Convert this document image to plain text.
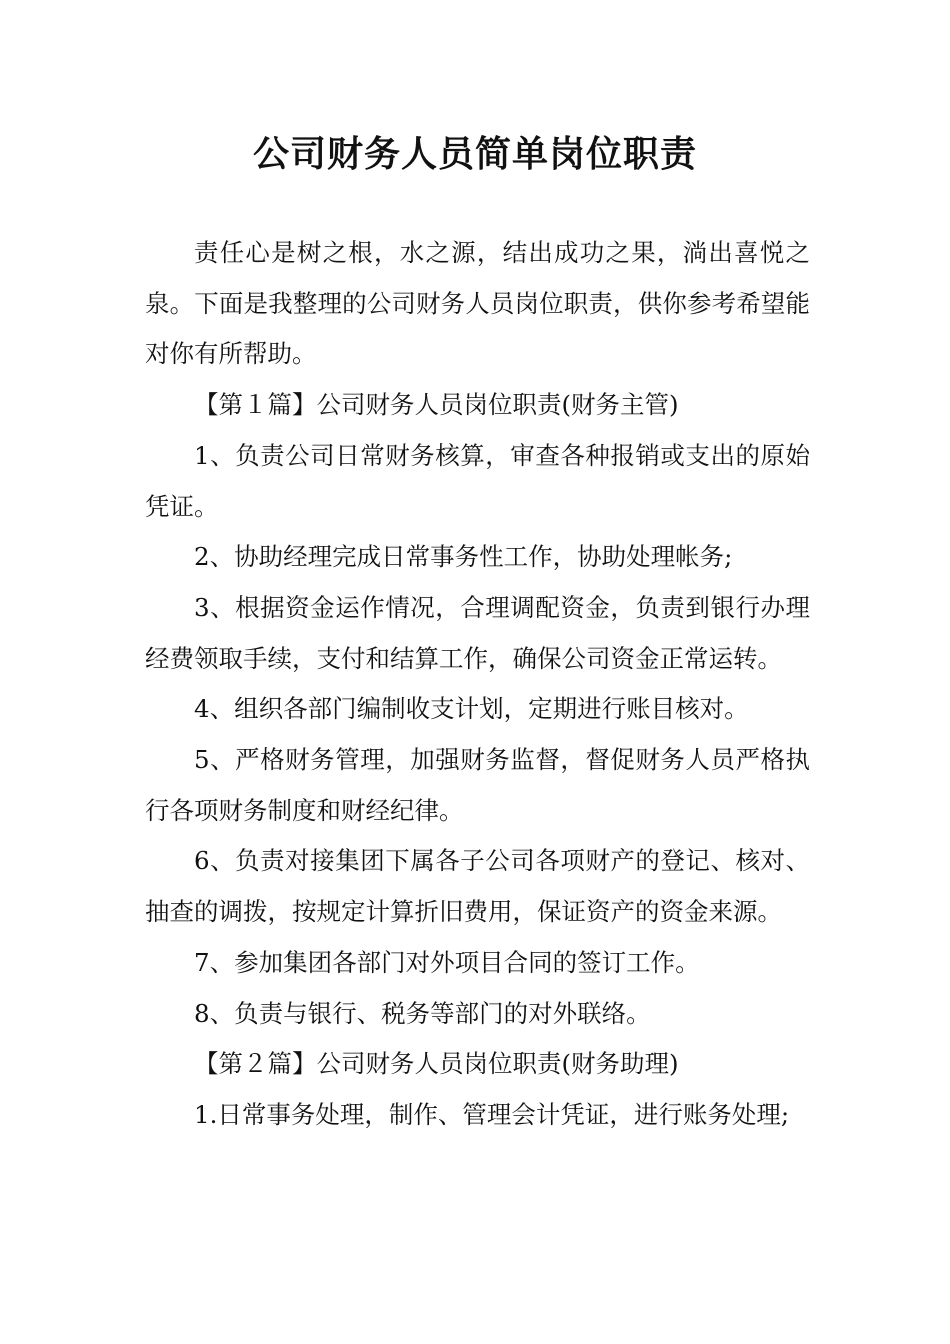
公司财务人员简单岗位职责

责任心是树之根，水之源，结出成功之果，淌出喜悦之泉。下面是我整理的公司财务人员岗位职责，供你参考希望能对你有所帮助。

【第１篇】公司财务人员岗位职责(财务主管)

1、负责公司日常财务核算，审查各种报销或支出的原始凭证。

2、协助经理完成日常事务性工作，协助处理帐务;

3、根据资金运作情况，合理调配资金，负责到银行办理经费领取手续，支付和结算工作，确保公司资金正常运转。

4、组织各部门编制收支计划，定期进行账目核对。

5、严格财务管理，加强财务监督，督促财务人员严格执行各项财务制度和财经纪律。

6、负责对接集团下属各子公司各项财产的登记、核对、抽查的调拨，按规定计算折旧费用，保证资产的资金来源。

7、参加集团各部门对外项目合同的签订工作。

8、负责与银行、税务等部门的对外联络。

【第２篇】公司财务人员岗位职责(财务助理)

1.日常事务处理，制作、管理会计凭证，进行账务处理;
